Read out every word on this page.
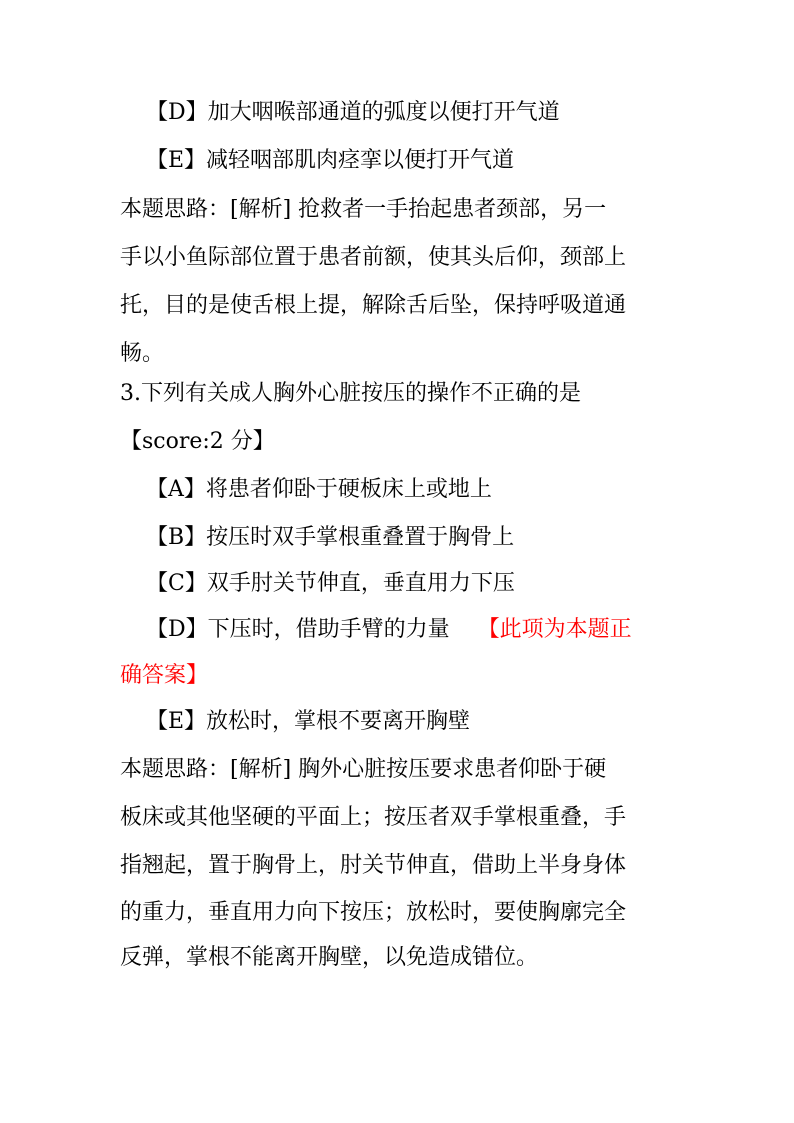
【D】加大咽喉部通道的弧度以便打开气道
【E】减轻咽部肌肉痉挛以便打开气道
本题思路：[解析] 抢救者一手抬起患者颈部，另一
手以小鱼际部位置于患者前额，使其头后仰，颈部上
托，目的是使舌根上提，解除舌后坠，保持呼吸道通
畅。
3.下列有关成人胸外心脏按压的操作不正确的是
【score:2 分】
【A】将患者仰卧于硬板床上或地上
【B】按压时双手掌根重叠置于胸骨上
【C】双手肘关节伸直，垂直用力下压
【D】下压时，借助手臂的力量 【此项为本题正
确答案】
【E】放松时，掌根不要离开胸壁
本题思路：[解析] 胸外心脏按压要求患者仰卧于硬
板床或其他坚硬的平面上；按压者双手掌根重叠，手
指翘起，置于胸骨上，肘关节伸直，借助上半身身体
的重力，垂直用力向下按压；放松时，要使胸廓完全
反弹，掌根不能离开胸壁，以免造成错位。
